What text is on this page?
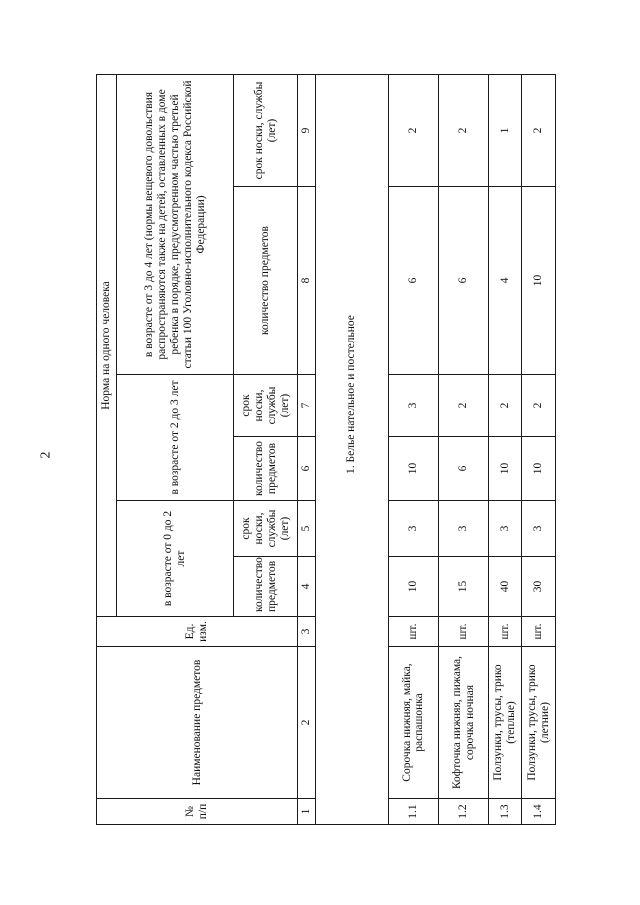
2
№ п/п	Наименование предметов	Ед. изм.	Норма на одного человека					
			в возрасте от 0 до 2 лет		в возрасте от 2 до 3 лет		в возрасте от 3 до 4 лет (нормы вещевого довольствия распространяются также на детей, оставленных в доме ребенка в порядке, предусмотренном частью третьей статьи 100 Уголовно-исполнительного кодекса Российской Федерации)	
			количество предметов	срок носки, службы (лет)	количество предметов	срок носки, службы (лет)	количество предметов	срок носки, службы (лет)
1	2	3	4	5	6	7	8	9
1. Белье нательное и постельное								
1.1	Сорочка нижняя, майка, распашонка	шт.	10	3	10	3	6	2
1.2	Кофточка нижняя, пижама, сорочка ночная	шт.	15	3	6	2	6	2
1.3	Ползунки, трусы, трико (теплые)	шт.	40	3	10	2	4	1
1.4	Ползунки, трусы, трико (летние)	шт.	30	3	10	2	10	2
